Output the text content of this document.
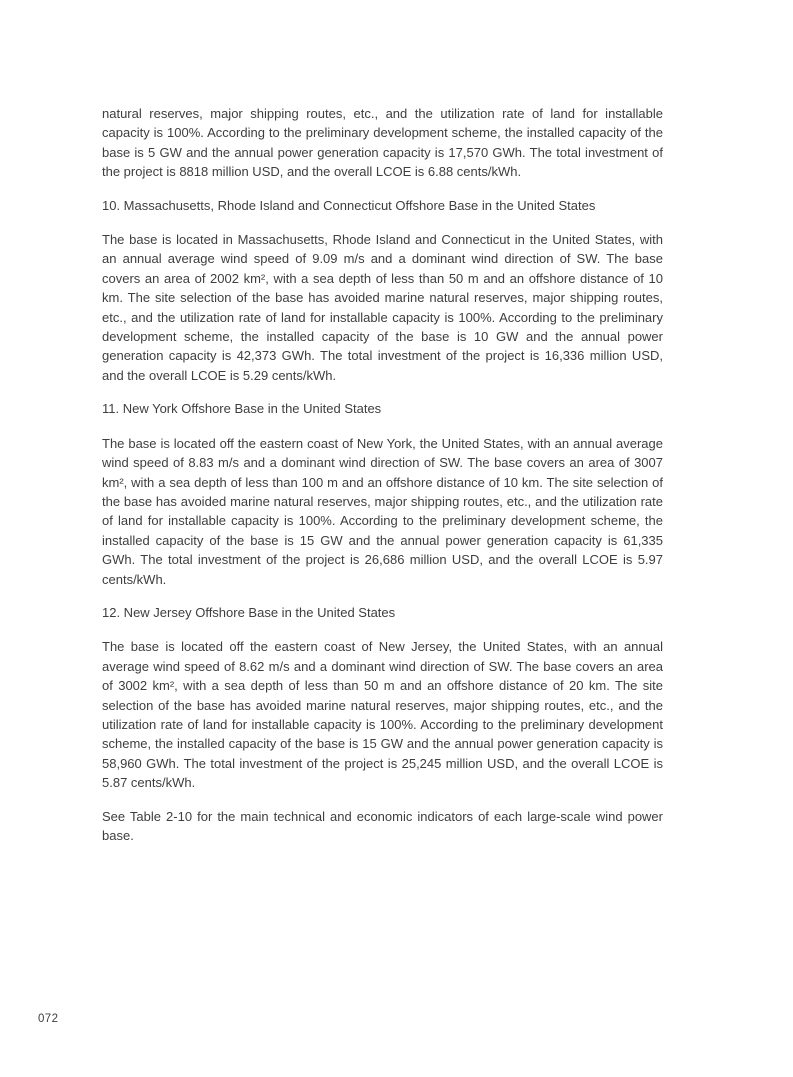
natural reserves, major shipping routes, etc., and the utilization rate of land for installable capacity is 100%. According to the preliminary development scheme, the installed capacity of the base is 5 GW and the annual power generation capacity is 17,570 GWh. The total investment of the project is 8818 million USD, and the overall LCOE is 6.88 cents/kWh.

10. Massachusetts, Rhode Island and Connecticut Offshore Base in the United States

The base is located in Massachusetts, Rhode Island and Connecticut in the United States, with an annual average wind speed of 9.09 m/s and a dominant wind direction of SW. The base covers an area of 2002 km², with a sea depth of less than 50 m and an offshore distance of 10 km. The site selection of the base has avoided marine natural reserves, major shipping routes, etc., and the utilization rate of land for installable capacity is 100%. According to the preliminary development scheme, the installed capacity of the base is 10 GW and the annual power generation capacity is 42,373 GWh. The total investment of the project is 16,336 million USD, and the overall LCOE is 5.29 cents/kWh.

11. New York Offshore Base in the United States

The base is located off the eastern coast of New York, the United States, with an annual average wind speed of 8.83 m/s and a dominant wind direction of SW. The base covers an area of 3007 km², with a sea depth of less than 100 m and an offshore distance of 10 km. The site selection of the base has avoided marine natural reserves, major shipping routes, etc., and the utilization rate of land for installable capacity is 100%. According to the preliminary development scheme, the installed capacity of the base is 15 GW and the annual power generation capacity is 61,335 GWh. The total investment of the project is 26,686 million USD, and the overall LCOE is 5.97 cents/kWh.

12. New Jersey Offshore Base in the United States

The base is located off the eastern coast of New Jersey, the United States, with an annual average wind speed of 8.62 m/s and a dominant wind direction of SW. The base covers an area of 3002 km², with a sea depth of less than 50 m and an offshore distance of 20 km. The site selection of the base has avoided marine natural reserves, major shipping routes, etc., and the utilization rate of land for installable capacity is 100%. According to the preliminary development scheme, the installed capacity of the base is 15 GW and the annual power generation capacity is 58,960 GWh. The total investment of the project is 25,245 million USD, and the overall LCOE is 5.87 cents/kWh.

See Table 2-10 for the main technical and economic indicators of each large-scale wind power base.

072
